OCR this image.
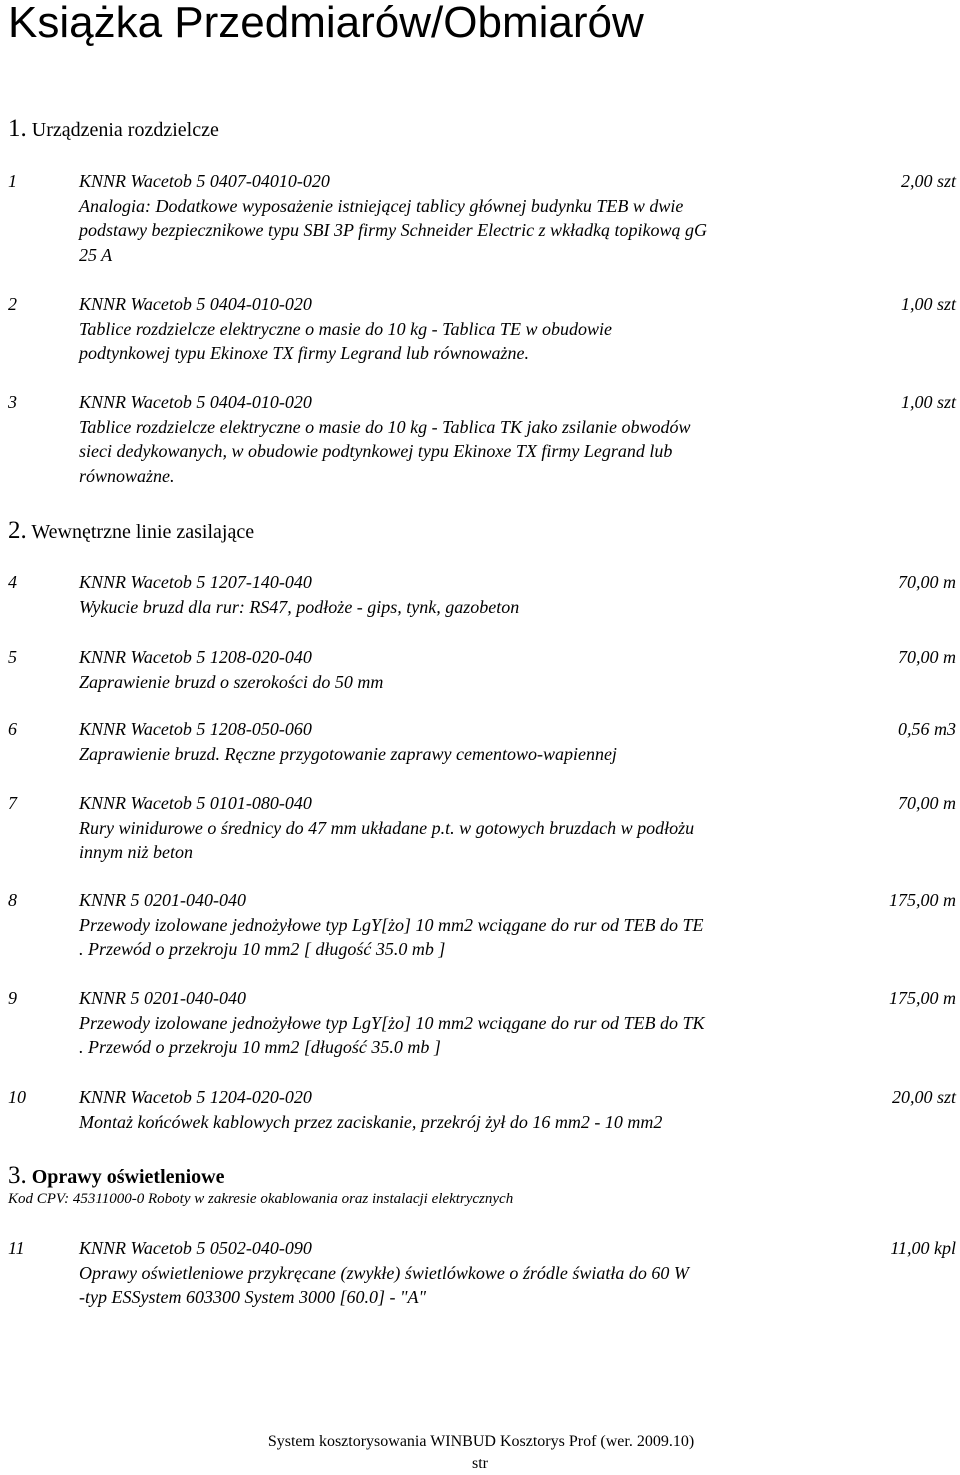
Książka Przedmiarów/Obmiarów
1. Urządzenia rozdzielcze
2. Wewnętrzne linie zasilające
3. Oprawy oświetleniowe
Kod CPV: 45311000-0 Roboty w zakresie okablowania oraz instalacji elektrycznych
1	KNNR Wacetob 5 0407-04010-020	2,00 szt
Analogia: Dodatkowe wyposażenie istniejącej tablicy głównej budynku TEB w dwie
podstawy bezpiecznikowe typu SBI 3P firmy Schneider Electric z wkładką topikową gG
25 A
2	KNNR Wacetob 5 0404-010-020	1,00 szt
Tablice rozdzielcze elektryczne o masie do 10 kg - Tablica TE w obudowie
podtynkowej typu Ekinoxe TX firmy Legrand lub równoważne.
3	KNNR Wacetob 5 0404-010-020	1,00 szt
Tablice rozdzielcze elektryczne o masie do 10 kg - Tablica TK jako zsilanie obwodów
sieci dedykowanych, w obudowie podtynkowej typu Ekinoxe TX firmy Legrand lub
równoważne.
4	KNNR Wacetob 5 1207-140-040	70,00 m
Wykucie bruzd dla rur: RS47, podłoże - gips, tynk, gazobeton
5	KNNR Wacetob 5 1208-020-040	70,00 m
Zaprawienie bruzd o szerokości do 50 mm
6	KNNR Wacetob 5 1208-050-060	0,56 m3
Zaprawienie bruzd. Ręczne przygotowanie zaprawy cementowo-wapiennej
7	KNNR Wacetob 5 0101-080-040	70,00 m
Rury winidurowe o średnicy do 47 mm układane p.t. w gotowych bruzdach w podłożu
innym niż beton
8	KNNR 5 0201-040-040	175,00 m
Przewody izolowane jednożyłowe typ LgY[żo] 10 mm2 wciągane do rur od TEB do TE
. Przewód o przekroju 10 mm2 [ długość 35.0 mb ]
9	KNNR 5 0201-040-040	175,00 m
Przewody izolowane jednożyłowe typ LgY[żo] 10 mm2 wciągane do rur od TEB do TK
. Przewód o przekroju 10 mm2 [długość 35.0 mb ]
10	KNNR Wacetob 5 1204-020-020	20,00 szt
Montaż końcówek kablowych przez zaciskanie, przekrój żył do 16 mm2 - 10 mm2
11	KNNR Wacetob 5 0502-040-090	11,00 kpl
Oprawy oświetleniowe przykręcane (zwykłe) świetlówkowe o źródle światła do 60 W
-typ ESSystem 603300 System 3000 [60.0] - "A"
System kosztorysowania WINBUD Kosztorys Prof (wer. 2009.10)
str
